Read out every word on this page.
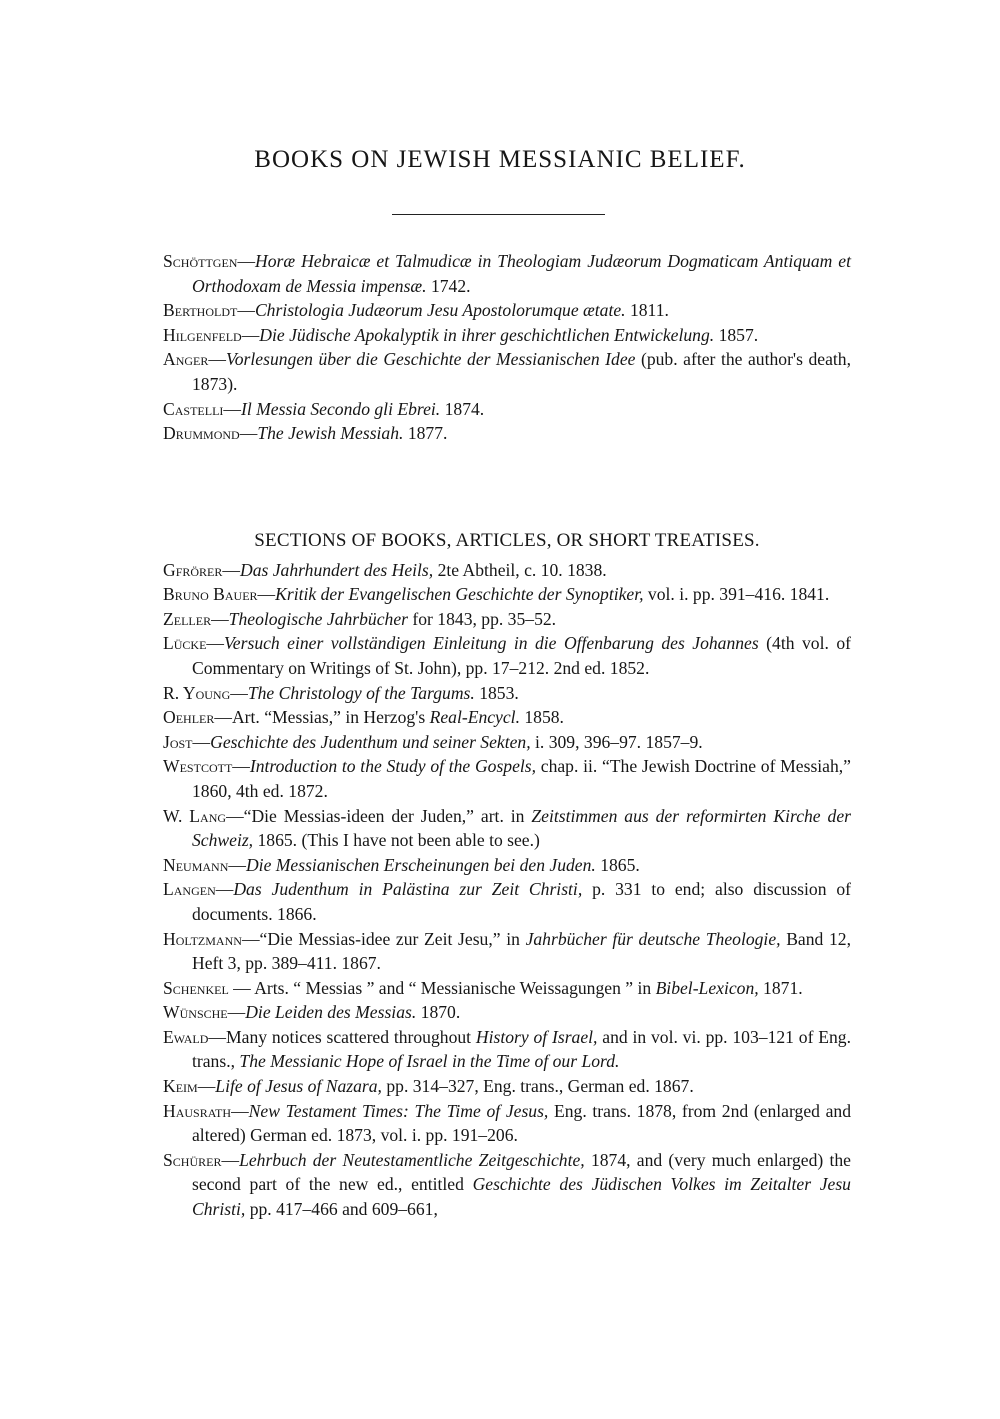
BOOKS ON JEWISH MESSIANIC BELIEF.

Schöttgen—Horæ Hebraicæ et Talmudicæ in Theologiam Judæorum Dogmaticam Antiquam et Orthodoxam de Messia impensæ. 1742.

Bertholdt—Christologia Judæorum Jesu Apostolorumque ætate. 1811.

Hilgenfeld—Die Jüdische Apokalyptik in ihrer geschichtlichen Entwickelung. 1857.

Anger—Vorlesungen über die Geschichte der Messianischen Idee (pub. after the author's death, 1873).

Castelli—Il Messia Secondo gli Ebrei. 1874.

Drummond—The Jewish Messiah. 1877.

SECTIONS OF BOOKS, ARTICLES, OR SHORT TREATISES.

Gfrörer—Das Jahrhundert des Heils, 2te Abtheil, c. 10. 1838.

Bruno Bauer—Kritik der Evangelischen Geschichte der Synoptiker, vol. i. pp. 391–416. 1841.

Zeller—Theologische Jahrbücher for 1843, pp. 35–52.

Lücke—Versuch einer vollständigen Einleitung in die Offenbarung des Johannes (4th vol. of Commentary on Writings of St. John), pp. 17–212. 2nd ed. 1852.

R. Young—The Christology of the Targums. 1853.

Oehler—Art. “Messias,” in Herzog's Real-Encycl. 1858.

Jost—Geschichte des Judenthum und seiner Sekten, i. 309, 396–97. 1857–9.

Westcott—Introduction to the Study of the Gospels, chap. ii. “The Jewish Doctrine of Messiah,” 1860, 4th ed. 1872.

W. Lang—“Die Messias-ideen der Juden,” art. in Zeitstimmen aus der reformirten Kirche der Schweiz, 1865. (This I have not been able to see.)

Neumann—Die Messianischen Erscheinungen bei den Juden. 1865.

Langen—Das Judenthum in Palästina zur Zeit Christi, p. 331 to end; also discussion of documents. 1866.

Holtzmann—“Die Messias-idee zur Zeit Jesu,” in Jahrbücher für deutsche Theologie, Band 12, Heft 3, pp. 389–411. 1867.

Schenkel — Arts. “ Messias ” and “ Messianische Weissagungen ” in Bibel-Lexicon, 1871.

Wünsche—Die Leiden des Messias. 1870.

Ewald—Many notices scattered throughout History of Israel, and in vol. vi. pp. 103–121 of Eng. trans., The Messianic Hope of Israel in the Time of our Lord.

Keim—Life of Jesus of Nazara, pp. 314–327, Eng. trans., German ed. 1867.

Hausrath—New Testament Times: The Time of Jesus, Eng. trans. 1878, from 2nd (enlarged and altered) German ed. 1873, vol. i. pp. 191–206.

Schürer—Lehrbuch der Neutestamentliche Zeitgeschichte, 1874, and (very much enlarged) the second part of the new ed., entitled Geschichte des Jüdischen Volkes im Zeitalter Jesu Christi, pp. 417–466 and 609–661,
